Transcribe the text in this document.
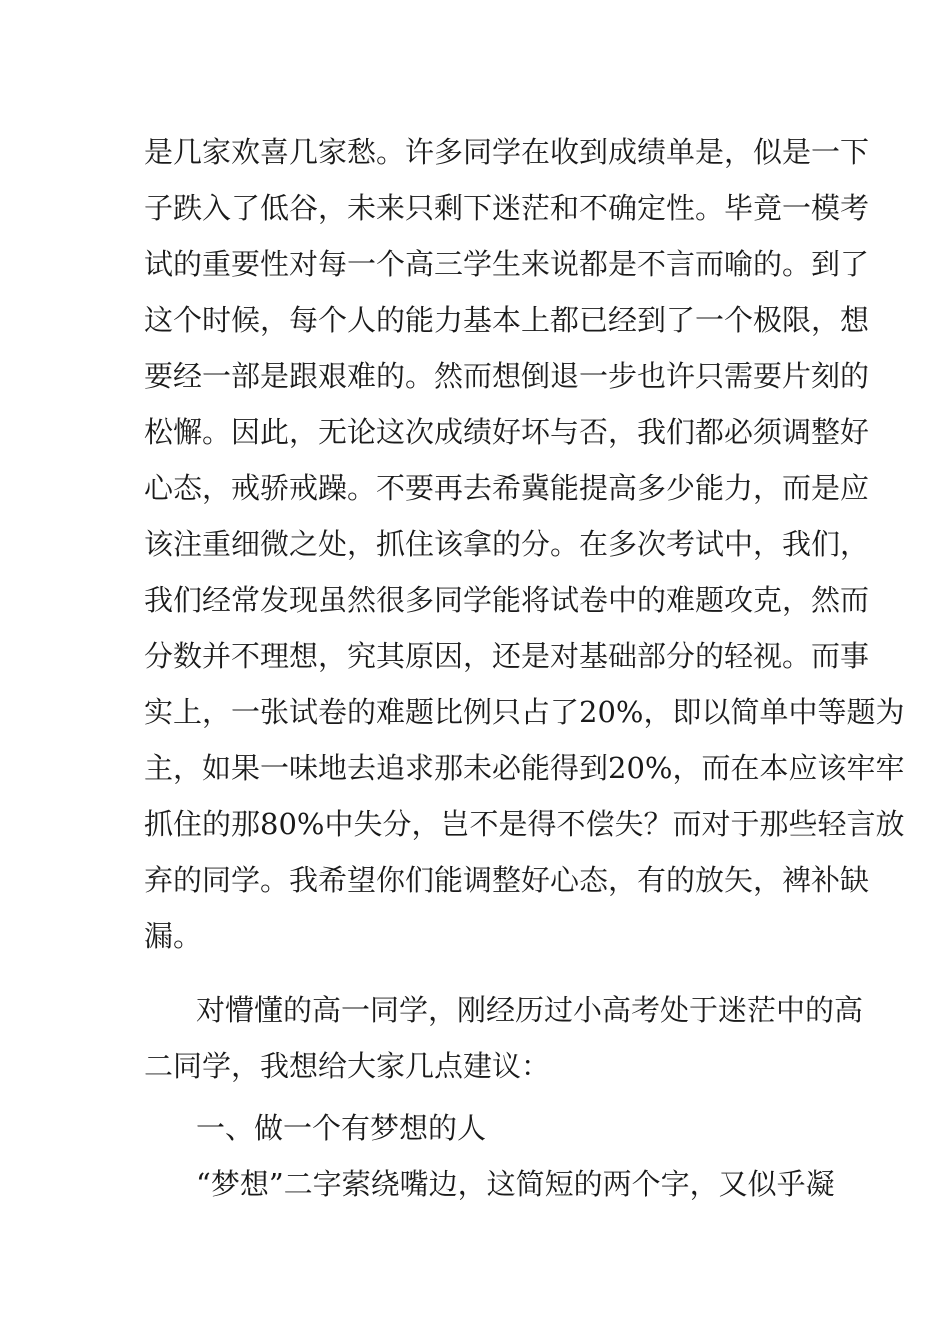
是几家欢喜几家愁。许多同学在收到成绩单是，似是一下
子跌入了低谷，未来只剩下迷茫和不确定性。毕竟一模考
试的重要性对每一个高三学生来说都是不言而喻的。到了
这个时候，每个人的能力基本上都已经到了一个极限，想
要经一部是跟艰难的。然而想倒退一步也许只需要片刻的
松懈。因此，无论这次成绩好坏与否，我们都必须调整好
心态，戒骄戒躁。不要再去希冀能提高多少能力，而是应
该注重细微之处，抓住该拿的分。在多次考试中，我们，
我们经常发现虽然很多同学能将试卷中的难题攻克，然而
分数并不理想，究其原因，还是对基础部分的轻视。而事
实上，一张试卷的难题比例只占了20%，即以简单中等题为
主，如果一味地去追求那未必能得到20%，而在本应该牢牢
抓住的那80%中失分，岂不是得不偿失？而对于那些轻言放
弃的同学。我希望你们能调整好心态，有的放矢，裨补缺
漏。
对懵懂的高一同学，刚经历过小高考处于迷茫中的高
二同学，我想给大家几点建议：
一、做一个有梦想的人
“梦想”二字萦绕嘴边，这简短的两个字，又似乎凝
